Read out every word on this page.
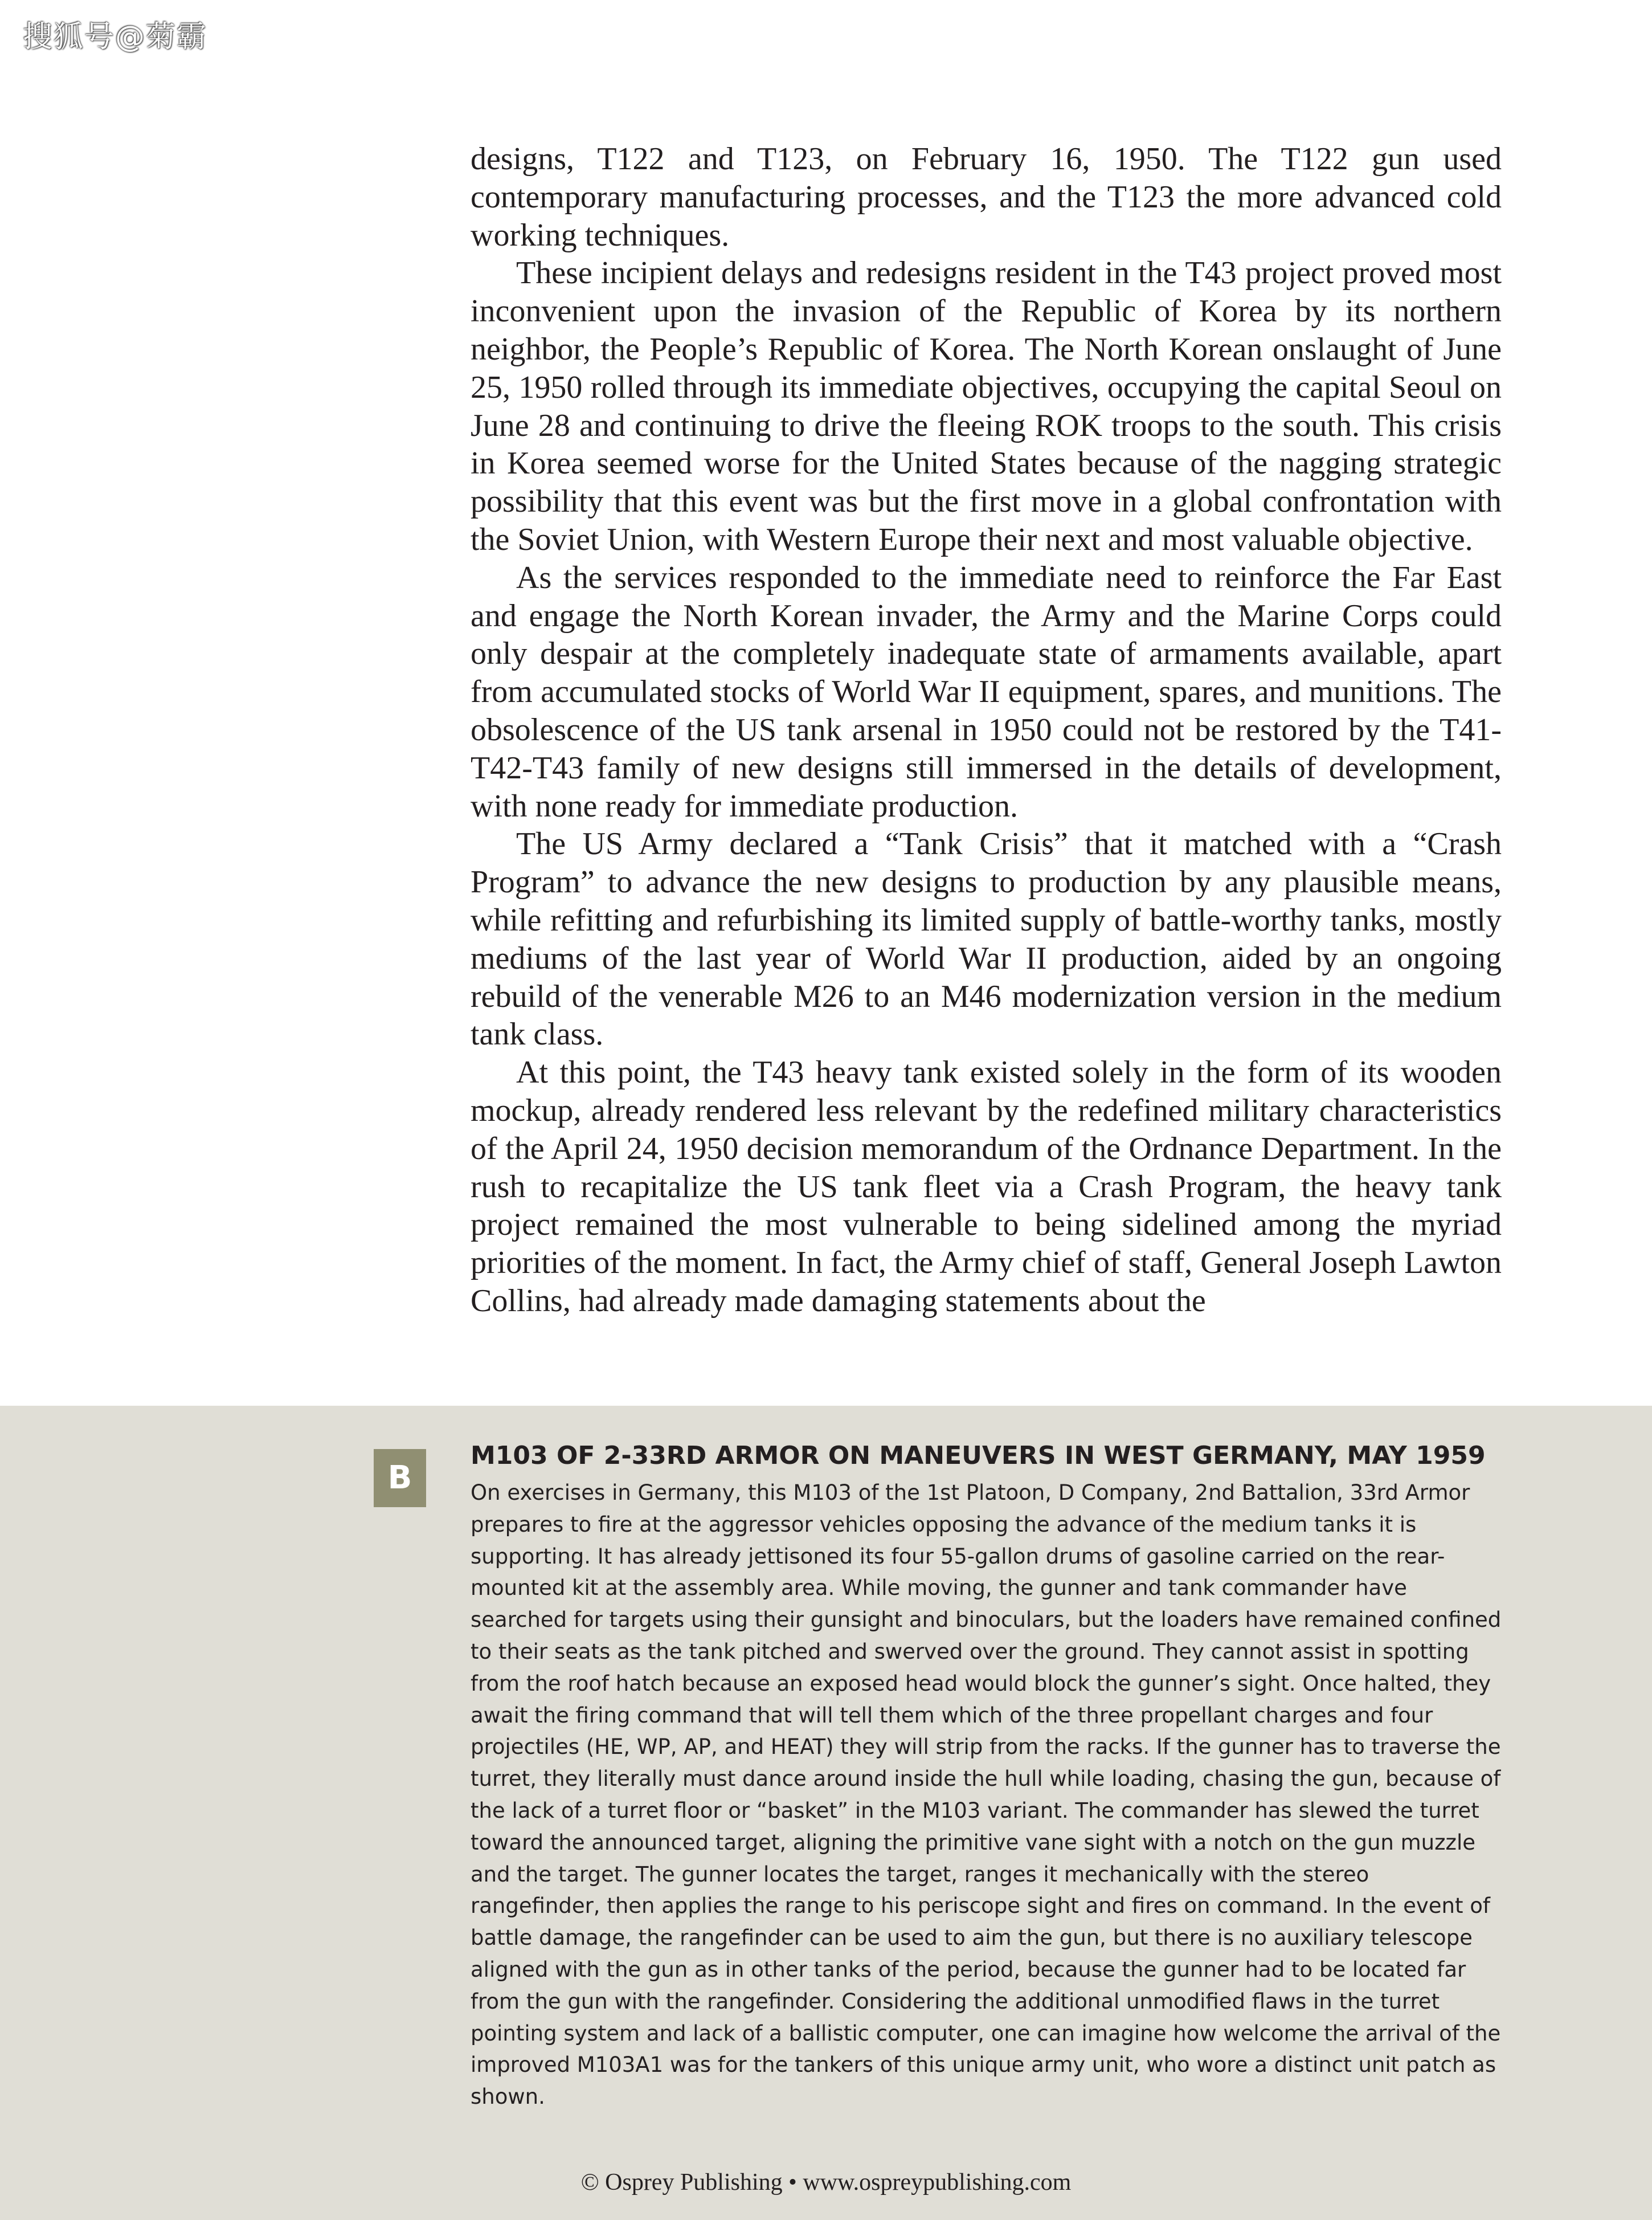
搜狐号@菊霸

designs, T122 and T123, on February 16, 1950. The T122 gun used contemporary manufacturing processes, and the T123 the more advanced cold working techniques.

These incipient delays and redesigns resident in the T43 project proved most inconvenient upon the invasion of the Republic of Korea by its northern neighbor, the People’s Republic of Korea. The North Korean onslaught of June 25, 1950 rolled through its immediate objectives, occupying the capital Seoul on June 28 and continuing to drive the fleeing ROK troops to the south. This crisis in Korea seemed worse for the United States because of the nagging strategic possibility that this event was but the first move in a global confrontation with the Soviet Union, with Western Europe their next and most valuable objective.

As the services responded to the immediate need to reinforce the Far East and engage the North Korean invader, the Army and the Marine Corps could only despair at the completely inadequate state of armaments available, apart from accumulated stocks of World War II equipment, spares, and munitions. The obsolescence of the US tank arsenal in 1950 could not be restored by the T41-T42-T43 family of new designs still immersed in the details of development, with none ready for immediate production.

The US Army declared a “Tank Crisis” that it matched with a “Crash Program” to advance the new designs to production by any plausible means, while refitting and refurbishing its limited supply of battle-worthy tanks, mostly mediums of the last year of World War II production, aided by an ongoing rebuild of the venerable M26 to an M46 modernization version in the medium tank class.

At this point, the T43 heavy tank existed solely in the form of its wooden mockup, already rendered less relevant by the redefined military characteristics of the April 24, 1950 decision memorandum of the Ordnance Department. In the rush to recapitalize the US tank fleet via a Crash Program, the heavy tank project remained the most vulnerable to being sidelined among the myriad priorities of the moment. In fact, the Army chief of staff, General Joseph Lawton Collins, had already made damaging statements about the

B
M103 OF 2-33RD ARMOR ON MANEUVERS IN WEST GERMANY, MAY 1959
On exercises in Germany, this M103 of the 1st Platoon, D Company, 2nd Battalion, 33rd Armor prepares to fire at the aggressor vehicles opposing the advance of the medium tanks it is supporting. It has already jettisoned its four 55-gallon drums of gasoline carried on the rear-mounted kit at the assembly area. While moving, the gunner and tank commander have searched for targets using their gunsight and binoculars, but the loaders have remained confined to their seats as the tank pitched and swerved over the ground. They cannot assist in spotting from the roof hatch because an exposed head would block the gunner’s sight. Once halted, they await the firing command that will tell them which of the three propellant charges and four projectiles (HE, WP, AP, and HEAT) they will strip from the racks. If the gunner has to traverse the turret, they literally must dance around inside the hull while loading, chasing the gun, because of the lack of a turret floor or “basket” in the M103 variant. The commander has slewed the turret toward the announced target, aligning the primitive vane sight with a notch on the gun muzzle and the target. The gunner locates the target, ranges it mechanically with the stereo rangefinder, then applies the range to his periscope sight and fires on command. In the event of battle damage, the rangefinder can be used to aim the gun, but there is no auxiliary telescope aligned with the gun as in other tanks of the period, because the gunner had to be located far from the gun with the rangefinder. Considering the additional unmodified flaws in the turret pointing system and lack of a ballistic computer, one can imagine how welcome the arrival of the improved M103A1 was for the tankers of this unique army unit, who wore a distinct unit patch as shown.
© Osprey Publishing • www.ospreypublishing.com
